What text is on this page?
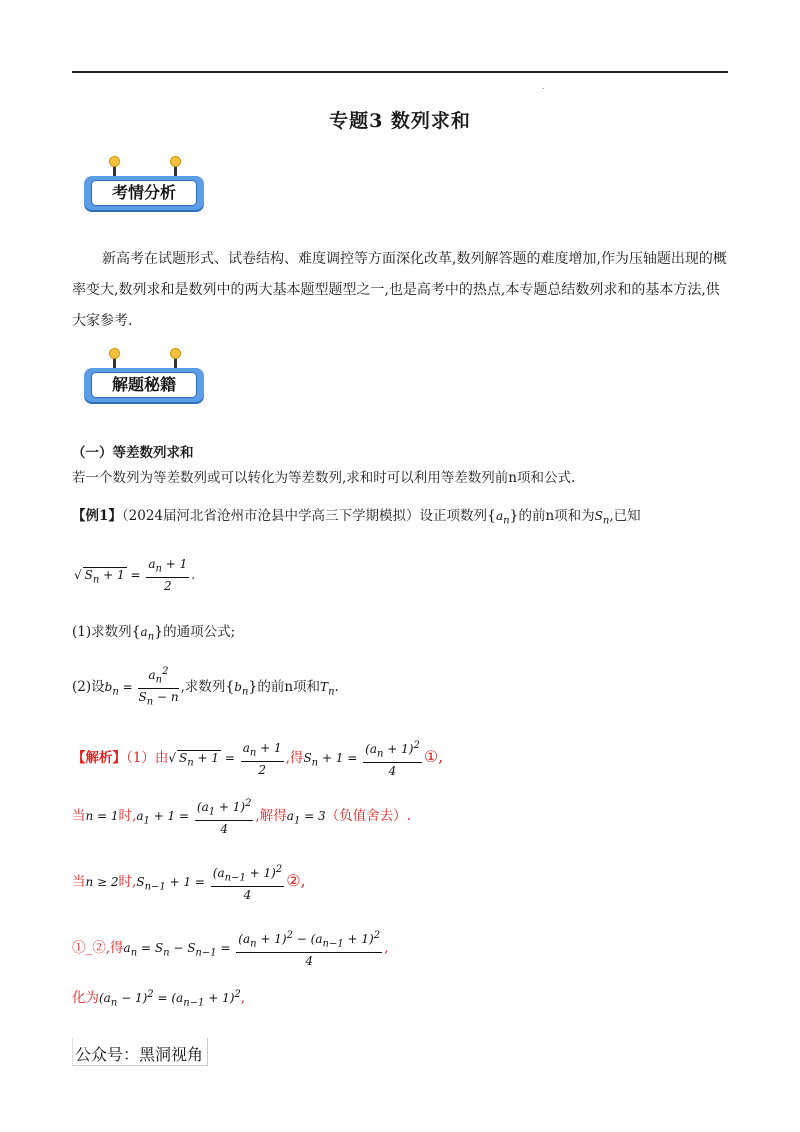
.
专题3 数列求和
考情分析
新高考在试题形式、试卷结构、难度调控等方面深化改革,数列解答题的难度增加,作为压轴题出现的概率变大,数列求和是数列中的两大基本题型题型之一,也是高考中的热点,本专题总结数列求和的基本方法,供大家参考.
解题秘籍
（一）等差数列求和
若一个数列为等差数列或可以转化为等差数列,求和时可以利用等差数列前n项和公式.
【例1】（2024届河北省沧州市沧县中学高三下学期模拟）设正项数列$\{a_n\}$的前n项和为$S_n$,已知
√ $S_n + 1 = \frac{a_n + 1}{2}$ .
(1)求数列$\{a_n\}$的通项公式;
(2)设$b_n = \frac{a_n^2}{S_n - n}$ ,求数列$\{b_n\}$的前n项和$T_n$.
【解析】（1）由√ $S_n + 1 = \frac{a_n + 1}{2}$ ,得$S_n + 1 = \frac{(a_n + 1)^2}{4}$ ①,
当n = 1时$,a_1 + 1 = \frac{(a_1 + 1)^2}{4}$ ,解得$a_1 = 3$（负值舍去）.
当n ≥ 2时$,S_{n-1} + 1 = \frac{(a_{n-1} + 1)^2}{4}$ ②,
①_②,得$a_n = S_n - S_{n-1} = \frac{(a_n + 1)^2 - (a_{n-1} + 1)^2}{4}$ ,
化为$(a_n - 1)^2 = (a_{n-1} + 1)^2$,
公众号：黑洞视角
